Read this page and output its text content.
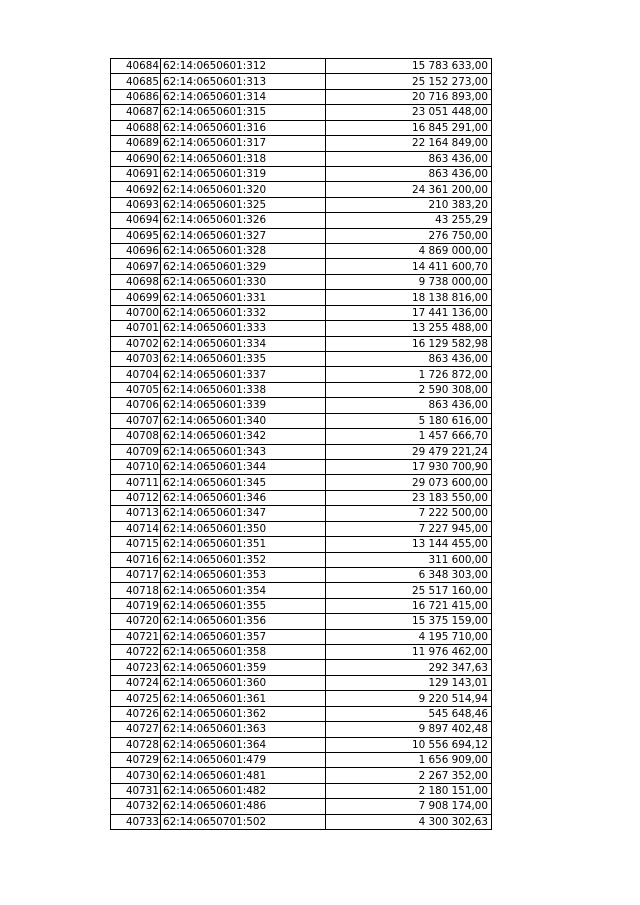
40684	62:14:0650601:312	15 783 633,00
40685	62:14:0650601:313	25 152 273,00
40686	62:14:0650601:314	20 716 893,00
40687	62:14:0650601:315	23 051 448,00
40688	62:14:0650601:316	16 845 291,00
40689	62:14:0650601:317	22 164 849,00
40690	62:14:0650601:318	863 436,00
40691	62:14:0650601:319	863 436,00
40692	62:14:0650601:320	24 361 200,00
40693	62:14:0650601:325	210 383,20
40694	62:14:0650601:326	43 255,29
40695	62:14:0650601:327	276 750,00
40696	62:14:0650601:328	4 869 000,00
40697	62:14:0650601:329	14 411 600,70
40698	62:14:0650601:330	9 738 000,00
40699	62:14:0650601:331	18 138 816,00
40700	62:14:0650601:332	17 441 136,00
40701	62:14:0650601:333	13 255 488,00
40702	62:14:0650601:334	16 129 582,98
40703	62:14:0650601:335	863 436,00
40704	62:14:0650601:337	1 726 872,00
40705	62:14:0650601:338	2 590 308,00
40706	62:14:0650601:339	863 436,00
40707	62:14:0650601:340	5 180 616,00
40708	62:14:0650601:342	1 457 666,70
40709	62:14:0650601:343	29 479 221,24
40710	62:14:0650601:344	17 930 700,90
40711	62:14:0650601:345	29 073 600,00
40712	62:14:0650601:346	23 183 550,00
40713	62:14:0650601:347	7 222 500,00
40714	62:14:0650601:350	7 227 945,00
40715	62:14:0650601:351	13 144 455,00
40716	62:14:0650601:352	311 600,00
40717	62:14:0650601:353	6 348 303,00
40718	62:14:0650601:354	25 517 160,00
40719	62:14:0650601:355	16 721 415,00
40720	62:14:0650601:356	15 375 159,00
40721	62:14:0650601:357	4 195 710,00
40722	62:14:0650601:358	11 976 462,00
40723	62:14:0650601:359	292 347,63
40724	62:14:0650601:360	129 143,01
40725	62:14:0650601:361	9 220 514,94
40726	62:14:0650601:362	545 648,46
40727	62:14:0650601:363	9 897 402,48
40728	62:14:0650601:364	10 556 694,12
40729	62:14:0650601:479	1 656 909,00
40730	62:14:0650601:481	2 267 352,00
40731	62:14:0650601:482	2 180 151,00
40732	62:14:0650601:486	7 908 174,00
40733	62:14:0650701:502	4 300 302,63
